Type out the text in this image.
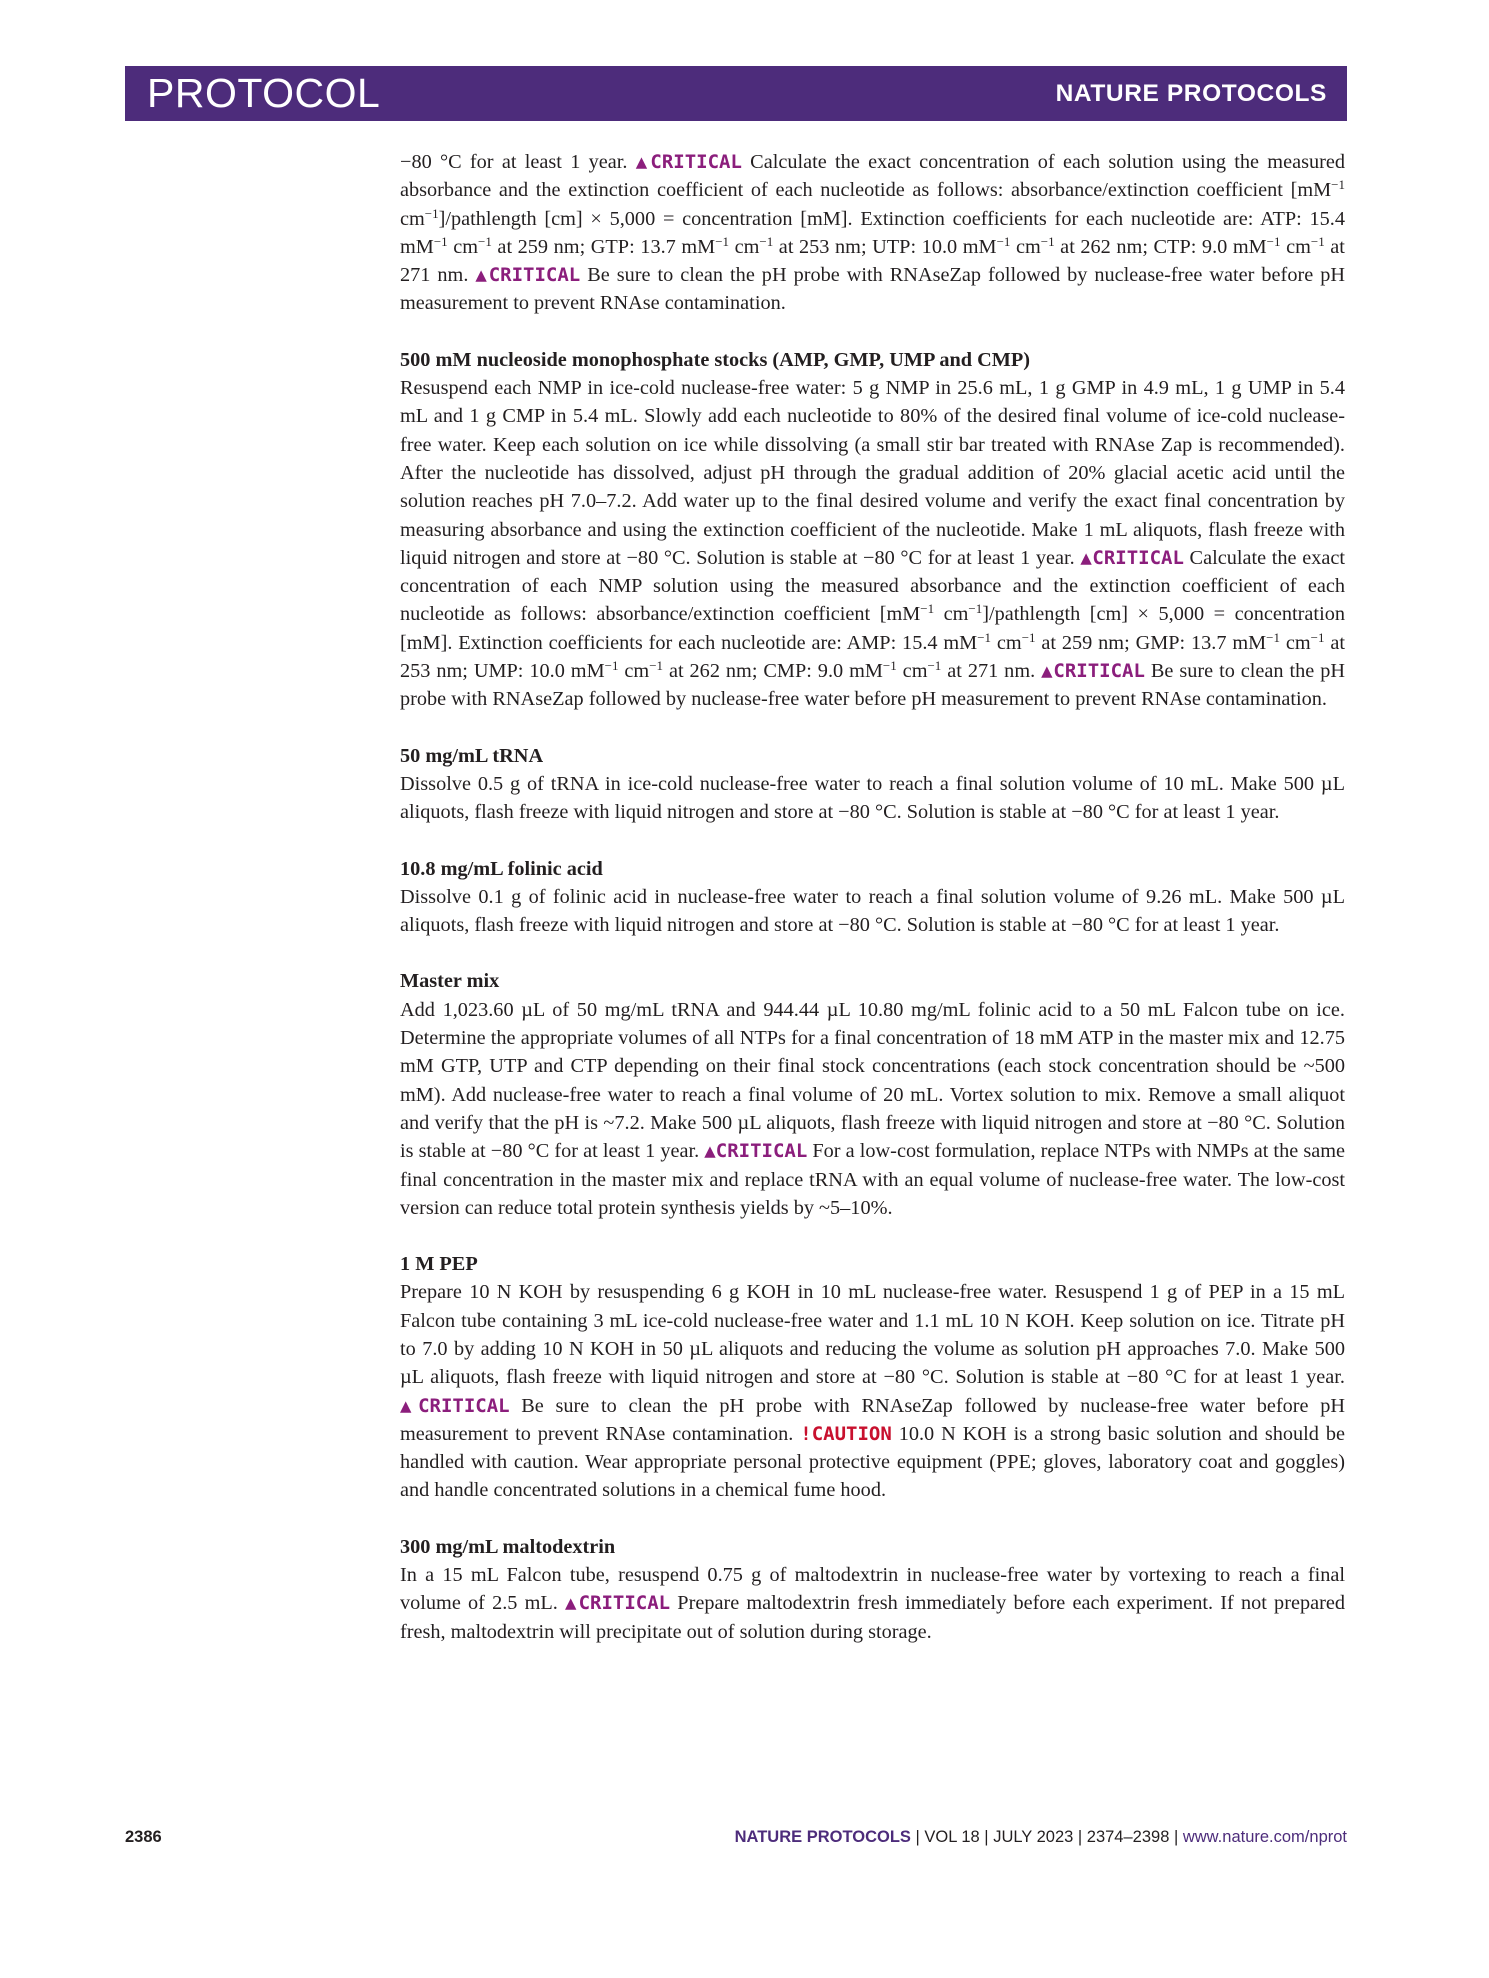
PROTOCOL	NATURE PROTOCOLS

−80 °C for at least 1 year. ▲CRITICAL Calculate the exact concentration of each solution using the measured absorbance and the extinction coefficient of each nucleotide as follows: absorbance/extinction coefficient [$mM^{-1}$ $cm^{-1}$]/pathlength [cm] × 5,000 = concentration [mM]. Extinction coefficients for each nucleotide are: ATP: 15.4 $mM^{-1}$ $cm^{-1}$ at 259 nm; GTP: 13.7 $mM^{-1}$ $cm^{-1}$ at 253 nm; UTP: 10.0 $mM^{-1}$ $cm^{-1}$ at 262 nm; CTP: 9.0 $mM^{-1}$ $cm^{-1}$ at 271 nm. ▲CRITICAL Be sure to clean the pH probe with RNAseZap followed by nuclease-free water before pH measurement to prevent RNAse contamination.

500 mM nucleoside monophosphate stocks (AMP, GMP, UMP and CMP)

Resuspend each NMP in ice-cold nuclease-free water: 5 g NMP in 25.6 mL, 1 g GMP in 4.9 mL, 1 g UMP in 5.4 mL and 1 g CMP in 5.4 mL. Slowly add each nucleotide to 80% of the desired final volume of ice-cold nuclease-free water. Keep each solution on ice while dissolving (a small stir bar treated with RNAse Zap is recommended). After the nucleotide has dissolved, adjust pH through the gradual addition of 20% glacial acetic acid until the solution reaches pH 7.0–7.2. Add water up to the final desired volume and verify the exact final concentration by measuring absorbance and using the extinction coefficient of the nucleotide. Make 1 mL aliquots, flash freeze with liquid nitrogen and store at −80 °C. Solution is stable at −80 °C for at least 1 year. ▲CRITICAL Calculate the exact concentration of each NMP solution using the measured absorbance and the extinction coefficient of each nucleotide as follows: absorbance/extinction coefficient [$mM^{-1}$ $cm^{-1}$]/pathlength [cm] × 5,000 = concentration [mM]. Extinction coefficients for each nucleotide are: AMP: 15.4 $mM^{-1}$ $cm^{-1}$ at 259 nm; GMP: 13.7 $mM^{-1}$ $cm^{-1}$ at 253 nm; UMP: 10.0 $mM^{-1}$ $cm^{-1}$ at 262 nm; CMP: 9.0 $mM^{-1}$ $cm^{-1}$ at 271 nm. ▲CRITICAL Be sure to clean the pH probe with RNAseZap followed by nuclease-free water before pH measurement to prevent RNAse contamination.

50 mg/mL tRNA

Dissolve 0.5 g of tRNA in ice-cold nuclease-free water to reach a final solution volume of 10 mL. Make 500 µL aliquots, flash freeze with liquid nitrogen and store at −80 °C. Solution is stable at −80 °C for at least 1 year.

10.8 mg/mL folinic acid

Dissolve 0.1 g of folinic acid in nuclease-free water to reach a final solution volume of 9.26 mL. Make 500 µL aliquots, flash freeze with liquid nitrogen and store at −80 °C. Solution is stable at −80 °C for at least 1 year.

Master mix

Add 1,023.60 µL of 50 mg/mL tRNA and 944.44 µL 10.80 mg/mL folinic acid to a 50 mL Falcon tube on ice. Determine the appropriate volumes of all NTPs for a final concentration of 18 mM ATP in the master mix and 12.75 mM GTP, UTP and CTP depending on their final stock concentrations (each stock concentration should be ~500 mM). Add nuclease-free water to reach a final volume of 20 mL. Vortex solution to mix. Remove a small aliquot and verify that the pH is ~7.2. Make 500 µL aliquots, flash freeze with liquid nitrogen and store at −80 °C. Solution is stable at −80 °C for at least 1 year. ▲CRITICAL For a low-cost formulation, replace NTPs with NMPs at the same final concentration in the master mix and replace tRNA with an equal volume of nuclease-free water. The low-cost version can reduce total protein synthesis yields by ~5–10%.

1 M PEP

Prepare 10 N KOH by resuspending 6 g KOH in 10 mL nuclease-free water. Resuspend 1 g of PEP in a 15 mL Falcon tube containing 3 mL ice-cold nuclease-free water and 1.1 mL 10 N KOH. Keep solution on ice. Titrate pH to 7.0 by adding 10 N KOH in 50 µL aliquots and reducing the volume as solution pH approaches 7.0. Make 500 µL aliquots, flash freeze with liquid nitrogen and store at −80 °C. Solution is stable at −80 °C for at least 1 year. ▲CRITICAL Be sure to clean the pH probe with RNAseZap followed by nuclease-free water before pH measurement to prevent RNAse contamination. !CAUTION 10.0 N KOH is a strong basic solution and should be handled with caution. Wear appropriate personal protective equipment (PPE; gloves, laboratory coat and goggles) and handle concentrated solutions in a chemical fume hood.

300 mg/mL maltodextrin

In a 15 mL Falcon tube, resuspend 0.75 g of maltodextrin in nuclease-free water by vortexing to reach a final volume of 2.5 mL. ▲CRITICAL Prepare maltodextrin fresh immediately before each experiment. If not prepared fresh, maltodextrin will precipitate out of solution during storage.

2386	NATURE PROTOCOLS | VOL 18 | JULY 2023 | 2374–2398 | www.nature.com/nprot
